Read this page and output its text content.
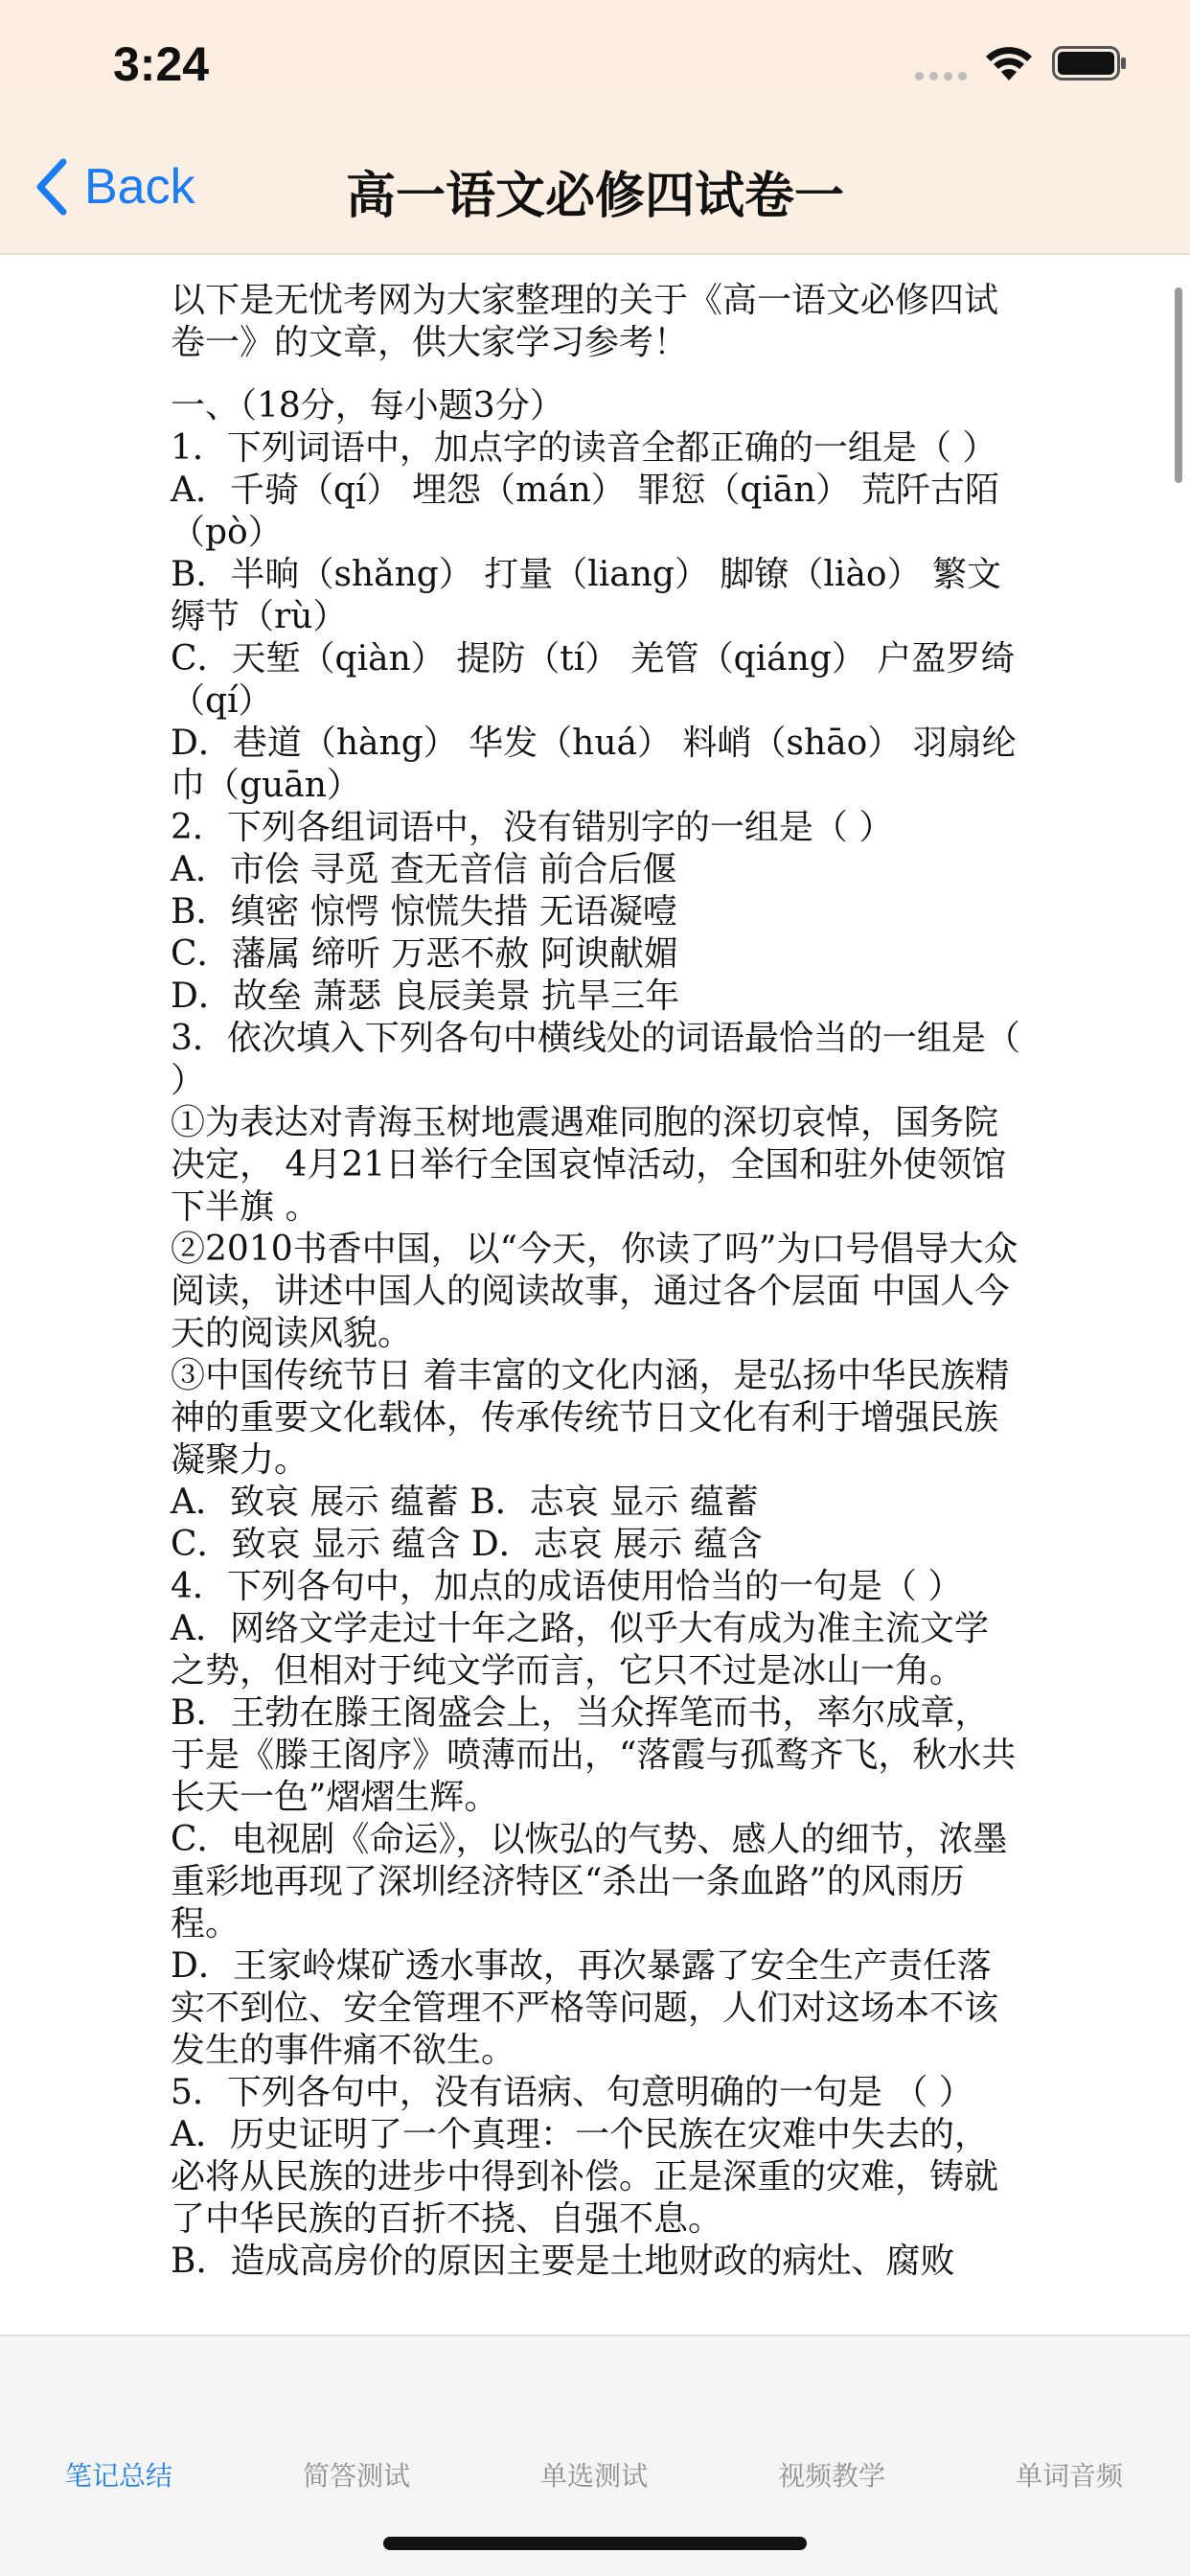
3:24
Back	高一语文必修四试卷一

以下是无忧考网为大家整理的关于《高一语文必修四试卷一》的文章，供大家学习参考！

一、（18分，每小题3分）

1．下列词语中，加点字的读音全都正确的一组是（ ）

A．千骑（qí） 埋怨（mán） 罪愆（qiān） 荒阡古陌（pò）

B．半晌（shǎng） 打量（liang） 脚镣（liào） 繁文缛节（rù）

C．天堑（qiàn） 提防（tí） 羌管（qiáng） 户盈罗绮（qí）

D．巷道（hàng） 华发（huá） 料峭（shāo） 羽扇纶巾（guān）

2．下列各组词语中，没有错别字的一组是（ ）

A．市侩 寻觅 查无音信 前合后偃

B．缜密 惊愕 惊慌失措 无语凝噎

C．藩属 缔听 万恶不赦 阿谀献媚

D．故垒 萧瑟 良辰美景 抗旱三年

3．依次填入下列各句中横线处的词语最恰当的一组是（ ）

①为表达对青海玉树地震遇难同胞的深切哀悼，国务院决定， 4月21日举行全国哀悼活动，全国和驻外使领馆下半旗 。

②2010书香中国，以“今天，你读了吗”为口号倡导大众阅读，讲述中国人的阅读故事，通过各个层面 中国人今天的阅读风貌。

③中国传统节日 着丰富的文化内涵，是弘扬中华民族精神的重要文化载体，传承传统节日文化有利于增强民族凝聚力。

A．致哀 展示 蕴蓄 B．志哀 显示 蕴蓄

C．致哀 显示 蕴含 D．志哀 展示 蕴含

4．下列各句中，加点的成语使用恰当的一句是（ ）

A．网络文学走过十年之路，似乎大有成为准主流文学之势，但相对于纯文学而言，它只不过是冰山一角。

B．王勃在滕王阁盛会上，当众挥笔而书，率尔成章，于是《滕王阁序》喷薄而出，“落霞与孤鹜齐飞，秋水共长天一色”熠熠生辉。

C．电视剧《命运》，以恢弘的气势、感人的细节，浓墨重彩地再现了深圳经济特区“杀出一条血路”的风雨历程。

D．王家岭煤矿透水事故，再次暴露了安全生产责任落实不到位、安全管理不严格等问题，人们对这场本不该发生的事件痛不欲生。

5．下列各句中，没有语病、句意明确的一句是 （ ）

A．历史证明了一个真理：一个民族在灾难中失去的，必将从民族的进步中得到补偿。正是深重的灾难，铸就了中华民族的百折不挠、自强不息。

B．造成高房价的原因主要是土地财政的病灶、腐败

笔记总结	简答测试	单选测试	视频教学	单词音频
